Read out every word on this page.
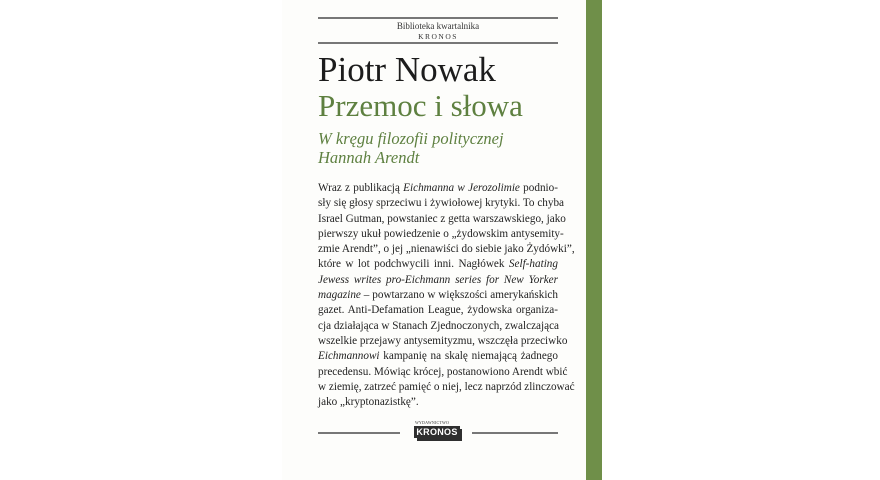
Biblioteka kwartalnika
KRONOS
Piotr Nowak
Przemoc i słowa
W kręgu filozofii politycznej
Hannah Arendt
Wraz z publikacją Eichmanna w Jerozolimie podnio-
sły się głosy sprzeciwu i żywiołowej krytyki. To chyba
Israel Gutman, powstaniec z getta warszawskiego, jako
pierwszy ukuł powiedzenie o „żydowskim antysemity-
zmie Arendt”, o jej „nienawiści do siebie jako Żydówki”,
które w lot podchwycili inni. Nagłówek Self-hating
Jewess writes pro-Eichmann series for New Yorker
magazine – powtarzano w większości amerykańskich
gazet. Anti-Defamation League, żydowska organiza-
cja działająca w Stanach Zjednoczonych, zwalczająca
wszelkie przejawy antysemityzmu, wszczęła przeciwko
Eichmannowi kampanię na skalę niemającą żadnego
precedensu. Mówiąc krócej, postanowiono Arendt wbić
w ziemię, zatrzeć pamięć o niej, lecz naprzód zlinczować
jako „kryptonazistkę”.
WYDAWNICTWO
KRONOS
